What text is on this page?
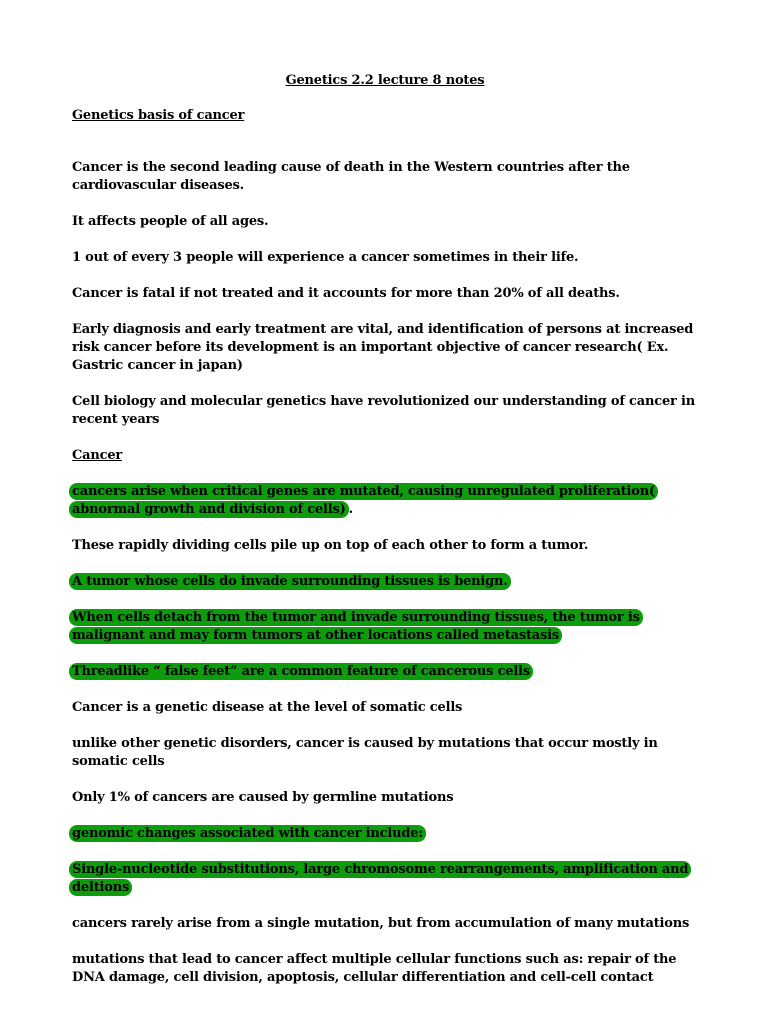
Genetics 2.2 lecture 8 notes

Genetics basis of cancer

Cancer is the second leading cause of death in the Western countries after the cardiovascular diseases.

It affects people of all ages.

1 out of every 3 people will experience a cancer sometimes in their life.

Cancer is fatal if not treated and it accounts for more than 20% of all deaths.

Early diagnosis and early treatment are vital, and identification of persons at increased risk cancer before its development is an important objective of cancer research( Ex. Gastric cancer in japan)

Cell biology and molecular genetics have revolutionized our understanding of cancer in recent years

Cancer

cancers arise when critical genes are mutated, causing unregulated proliferation( abnormal growth and division of cells) .

These rapidly dividing cells pile up on top of each other to form a tumor.

A tumor whose cells do invade surrounding tissues is benign.

When cells detach from the tumor and invade surrounding tissues, the tumor is malignant and may form tumors at other locations called metastasis

Threadlike “ false feet” are a common feature of cancerous cells

Cancer is a genetic disease at the level of somatic cells

unlike other genetic disorders, cancer is caused by mutations that occur mostly in somatic cells

Only 1% of cancers are caused by germline mutations

genomic changes associated with cancer include:

Single-nucleotide substitutions, large chromosome rearrangements, amplification and deltions

cancers rarely arise from a single mutation, but from accumulation of many mutations

mutations that lead to cancer affect multiple cellular functions such as: repair of the DNA damage, cell division, apoptosis, cellular differentiation and cell-cell contact
